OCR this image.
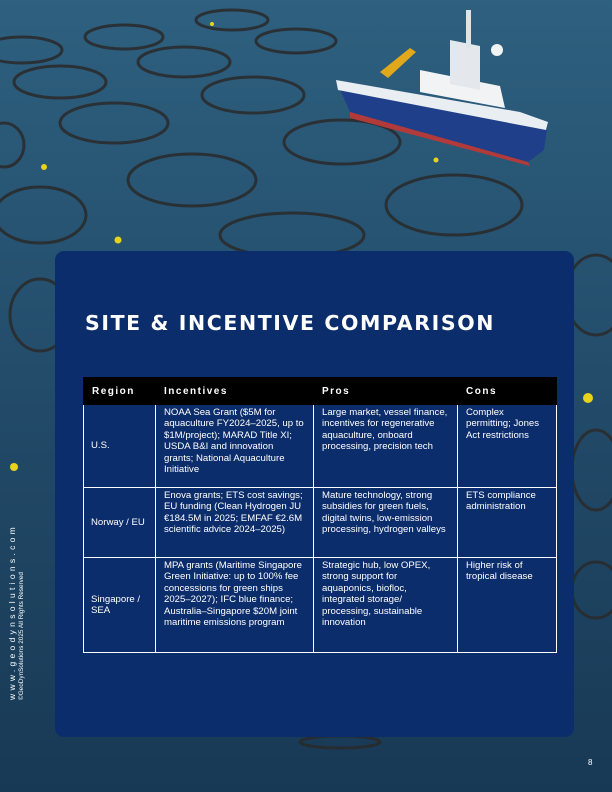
SITE & INCENTIVE COMPARISON
Region	Incentives	Pros	Cons
U.S.	NOAA Sea Grant ($5M for aquaculture FY2024–2025, up to $1M/project); MARAD Title XI; USDA B&I and innovation grants; National Aquaculture Initiative	Large market, vessel finance, incentives for regenerative aquaculture, onboard processing, precision tech	Complex permitting; Jones Act restrictions
Norway / EU	Enova grants; ETS cost savings; EU funding (Clean Hydrogen JU €184.5M in 2025; EMFAF €2.6M scientific advice 2024–2025)	Mature technology, strong subsidies for green fuels, digital twins, low-emission processing, hydrogen valleys	ETS compliance administration
Singapore / SEA	MPA grants (Maritime Singapore Green Initiative: up to 100% fee concessions for green ships 2025–2027); IFC blue finance; Australia–Singapore $20M joint maritime emissions program	Strategic hub, low OPEX, strong support for aquaponics, biofloc, integrated storage/ processing, sustainable innovation	Higher risk of tropical disease
www.geodynsolutions.com ©GeoDynSolutions 2025 All Rights Reserved
8
